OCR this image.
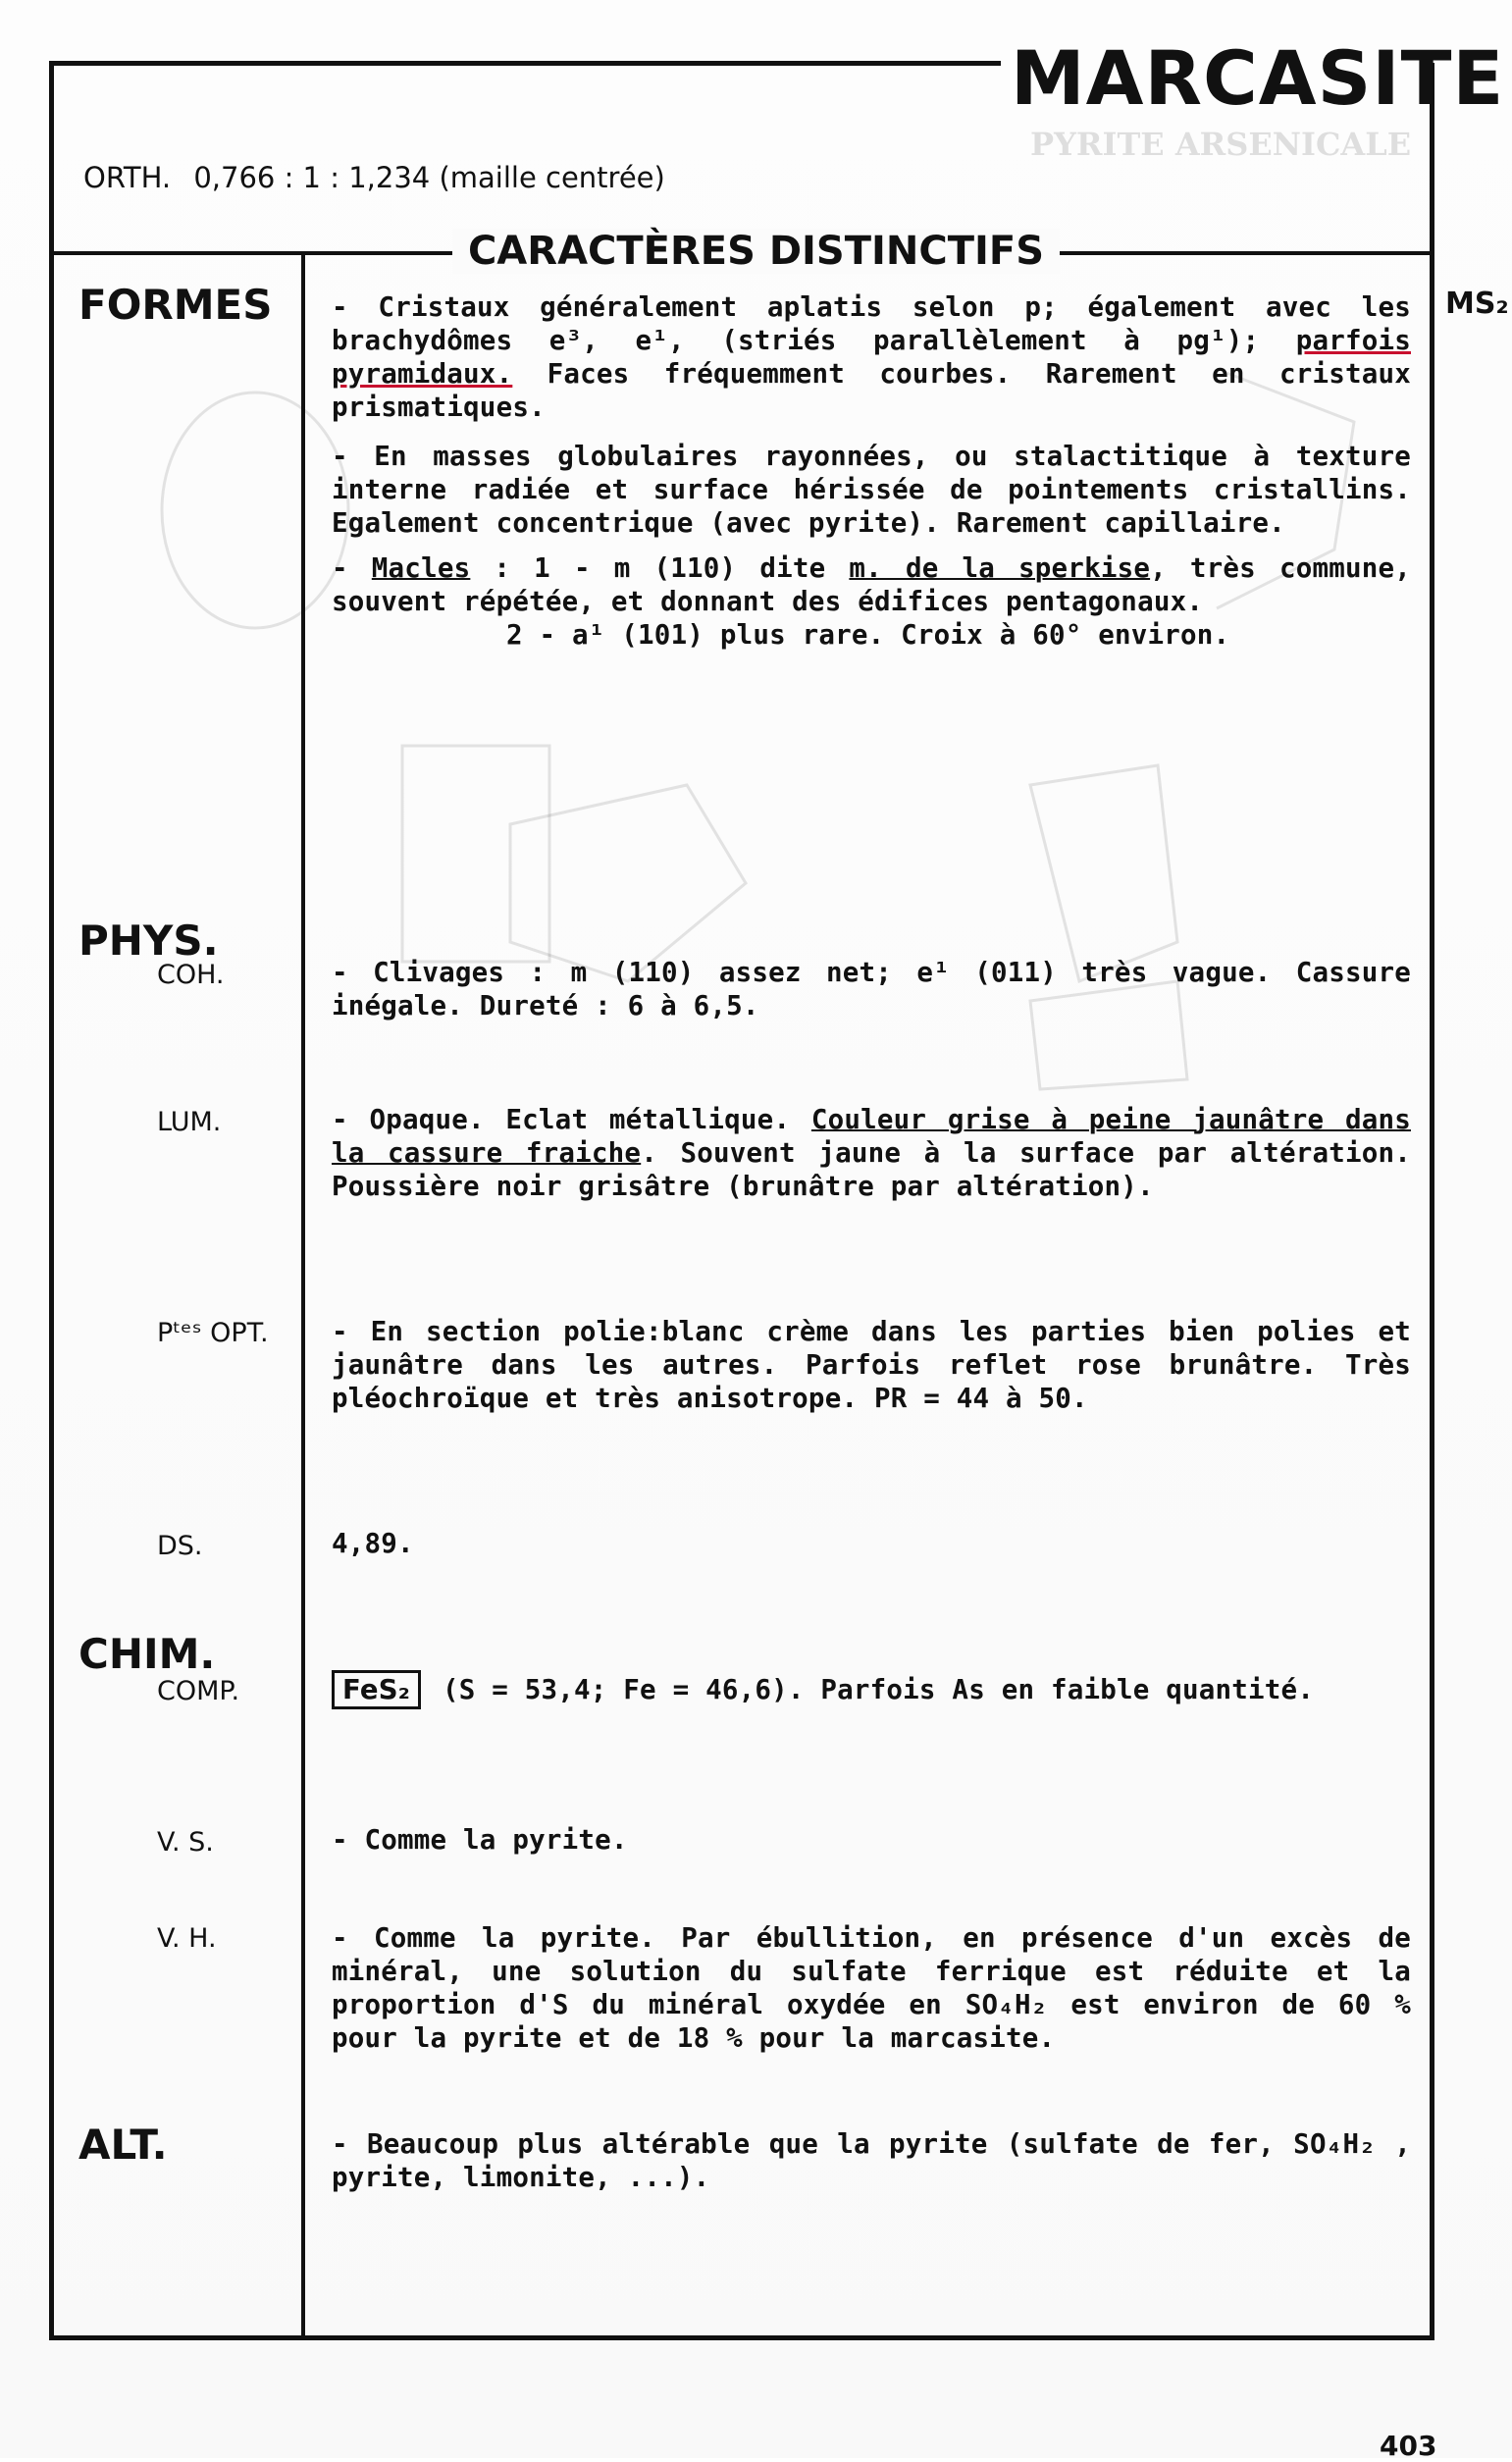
PYRITE ARSENICALE
MARCASITE
ORTH. 0,766 : 1 : 1,234 (maille centrée)
CARACTÈRES DISTINCTIFS
MS₂
FORMES
PHYS.
CHIM.
ALT.
COH.
LUM.
Pᵗᵉˢ OPT.
DS.
COMP.
V. S.
V. H.
- Cristaux généralement aplatis selon p; également avec les brachydômes e³, e¹, (striés parallèlement à pg¹); parfois pyramidaux. Faces fréquemment courbes. Rarement en cristaux prismatiques.
- En masses globulaires rayonnées, ou stalactitique à texture interne radiée et surface hérissée de pointements cristallins. Egalement concentrique (avec pyrite). Rarement capillaire.
- Macles : 1 - m (110) dite m. de la sperkise, très commune, souvent répétée, et donnant des édifices pentagonaux.
2 - a¹ (101) plus rare. Croix à 60° environ.
- Clivages : m (110) assez net; e¹ (011) très vague. Cassure inégale. Dureté : 6 à 6,5.
- Opaque. Eclat métallique. Couleur grise à peine jaunâtre dans la cassure fraiche. Souvent jaune à la surface par altération. Poussière noir grisâtre (brunâtre par altération).
- En section polie:blanc crème dans les parties bien polies et jaunâtre dans les autres. Parfois reflet rose brunâtre. Très pléochroïque et très anisotrope. PR = 44 à 50.
4,89.
FeS₂ (S = 53,4; Fe = 46,6). Parfois As en faible quantité.
- Comme la pyrite.
- Comme la pyrite. Par ébullition, en présence d'un excès de minéral, une solution du sulfate ferrique est réduite et la proportion d'S du minéral oxydée en SO₄H₂ est environ de 60 % pour la pyrite et de 18 % pour la marcasite.
- Beaucoup plus altérable que la pyrite (sulfate de fer, SO₄H₂ , pyrite, limonite, ...).
403
